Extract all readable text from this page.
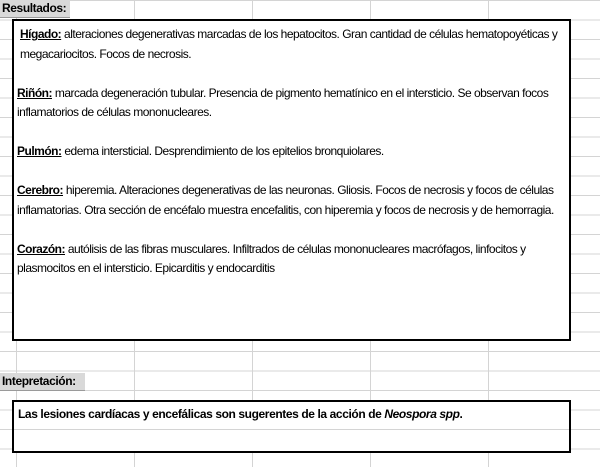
Resultados:
Hígado: alteraciones degenerativas marcadas de los hepatocitos. Gran cantidad de células hematopoyéticas y megacariocitos. Focos de necrosis.
Riñón: marcada degeneración tubular. Presencia de pigmento hematínico en el intersticio. Se observan focos inflamatorios de células mononucleares.
Pulmón: edema intersticial. Desprendimiento de los epitelios bronquiolares.
Cerebro: hiperemia. Alteraciones degenerativas de las neuronas. Gliosis. Focos de necrosis y focos de células inflamatorias. Otra sección de encéfalo muestra encefalitis, con hiperemia y focos de necrosis y de hemorragia.
Corazón: autólisis de las fibras musculares. Infiltrados de células mononucleares macrófagos, linfocitos y plasmocitos en el intersticio. Epicarditis y endocarditis
Intepretación:
Las lesiones cardíacas y encefálicas son sugerentes de la acción de Neospora spp.
